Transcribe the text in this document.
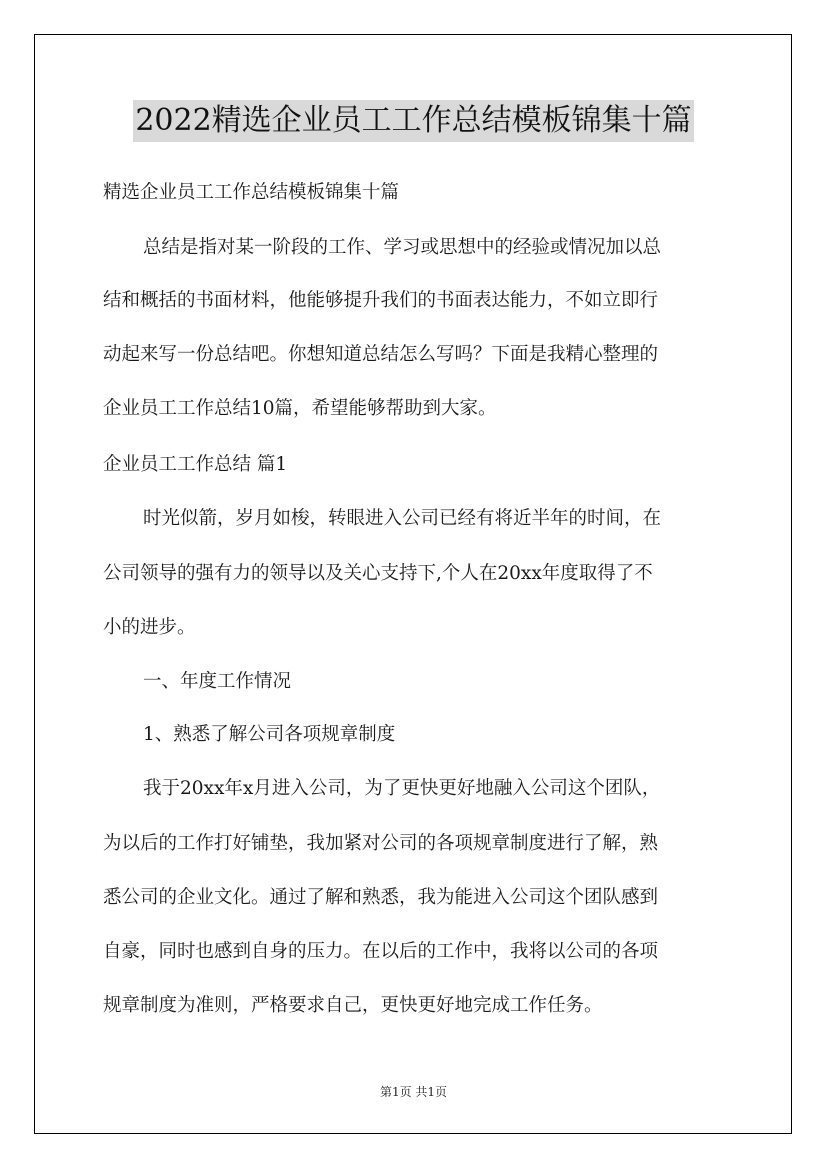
2022精选企业员工工作总结模板锦集十篇
精选企业员工工作总结模板锦集十篇
总结是指对某一阶段的工作、学习或思想中的经验或情况加以总
结和概括的书面材料，他能够提升我们的书面表达能力，不如立即行
动起来写一份总结吧。你想知道总结怎么写吗？下面是我精心整理的
企业员工工作总结10篇，希望能够帮助到大家。
企业员工工作总结 篇1
时光似箭，岁月如梭，转眼进入公司已经有将近半年的时间，在
公司领导的强有力的领导以及关心支持下,个人在20xx年度取得了不
小的进步。
一、年度工作情况
1、熟悉了解公司各项规章制度
我于20xx年x月进入公司，为了更快更好地融入公司这个团队，
为以后的工作打好铺垫，我加紧对公司的各项规章制度进行了解，熟
悉公司的企业文化。通过了解和熟悉，我为能进入公司这个团队感到
自豪，同时也感到自身的压力。在以后的工作中，我将以公司的各项
规章制度为准则，严格要求自己，更快更好地完成工作任务。
第1页 共1页
